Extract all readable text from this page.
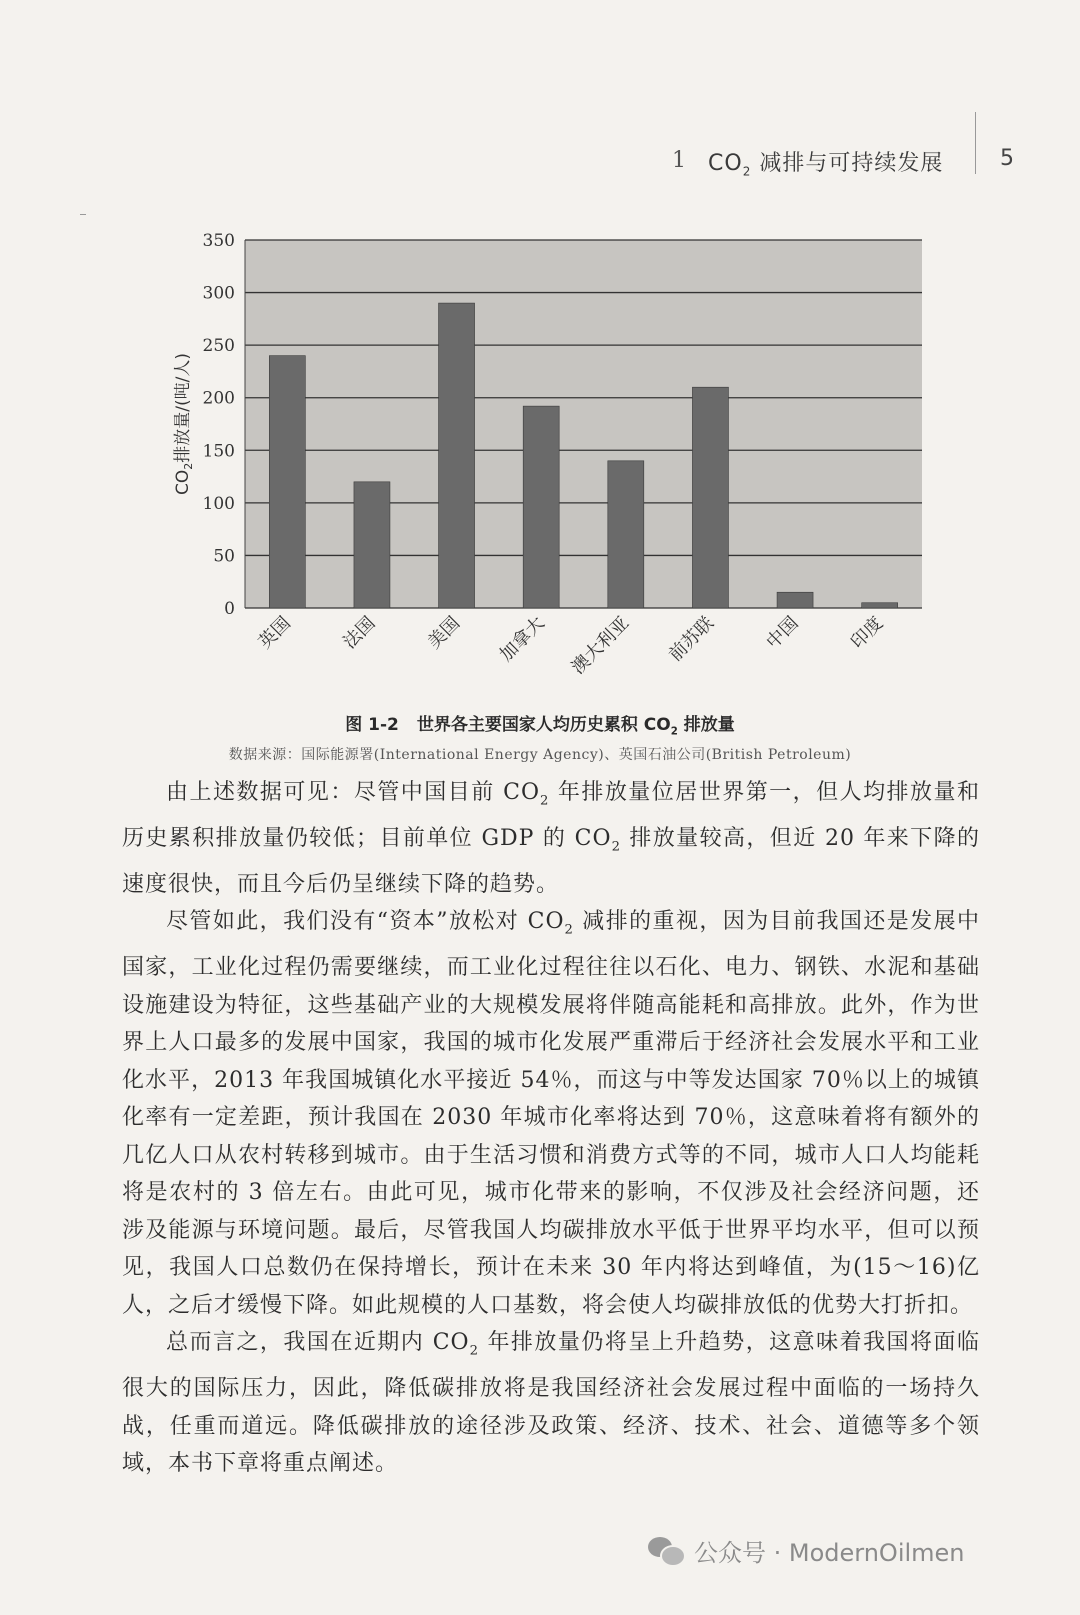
1 $CO_2$ 减排与可持续发展	5
0
50
100
150
200
250
300
350
英国 法国 美国 加拿大 澳大利亚 前苏联 中国 印度
$CO_2$排放量/(吨/人)
图 1-2 世界各主要国家人均历史累积 $CO_2$ 排放量
数据来源：国际能源署(International Energy Agency)、英国石油公司(British Petroleum)

由上述数据可见：尽管中国目前 $CO_2$ 年排放量位居世界第一，但人均排放量和历史累积排放量仍较低；目前单位 GDP 的 $CO_2$ 排放量较高，但近 20 年来下降的速度很快，而且今后仍呈继续下降的趋势。

尽管如此，我们没有“资本”放松对 $CO_2$ 减排的重视，因为目前我国还是发展中国家，工业化过程仍需要继续，而工业化过程往往以石化、电力、钢铁、水泥和基础设施建设为特征，这些基础产业的大规模发展将伴随高能耗和高排放。此外，作为世界上人口最多的发展中国家，我国的城市化发展严重滞后于经济社会发展水平和工业化水平，2013 年我国城镇化水平接近 54％，而这与中等发达国家 70％以上的城镇化率有一定差距，预计我国在 2030 年城市化率将达到 70％，这意味着将有额外的几亿人口从农村转移到城市。由于生活习惯和消费方式等的不同，城市人口人均能耗将是农村的 3 倍左右。由此可见，城市化带来的影响，不仅涉及社会经济问题，还涉及能源与环境问题。最后，尽管我国人均碳排放水平低于世界平均水平，但可以预见，我国人口总数仍在保持增长，预计在未来 30 年内将达到峰值，为(15～16)亿人，之后才缓慢下降。如此规模的人口基数，将会使人均碳排放低的优势大打折扣。

总而言之，我国在近期内 $CO_2$ 年排放量仍将呈上升趋势，这意味着我国将面临很大的国际压力，因此，降低碳排放将是我国经济社会发展过程中面临的一场持久战，任重而道远。降低碳排放的途径涉及政策、经济、技术、社会、道德等多个领域，本书下章将重点阐述。

公众号 · ModernOilmen
